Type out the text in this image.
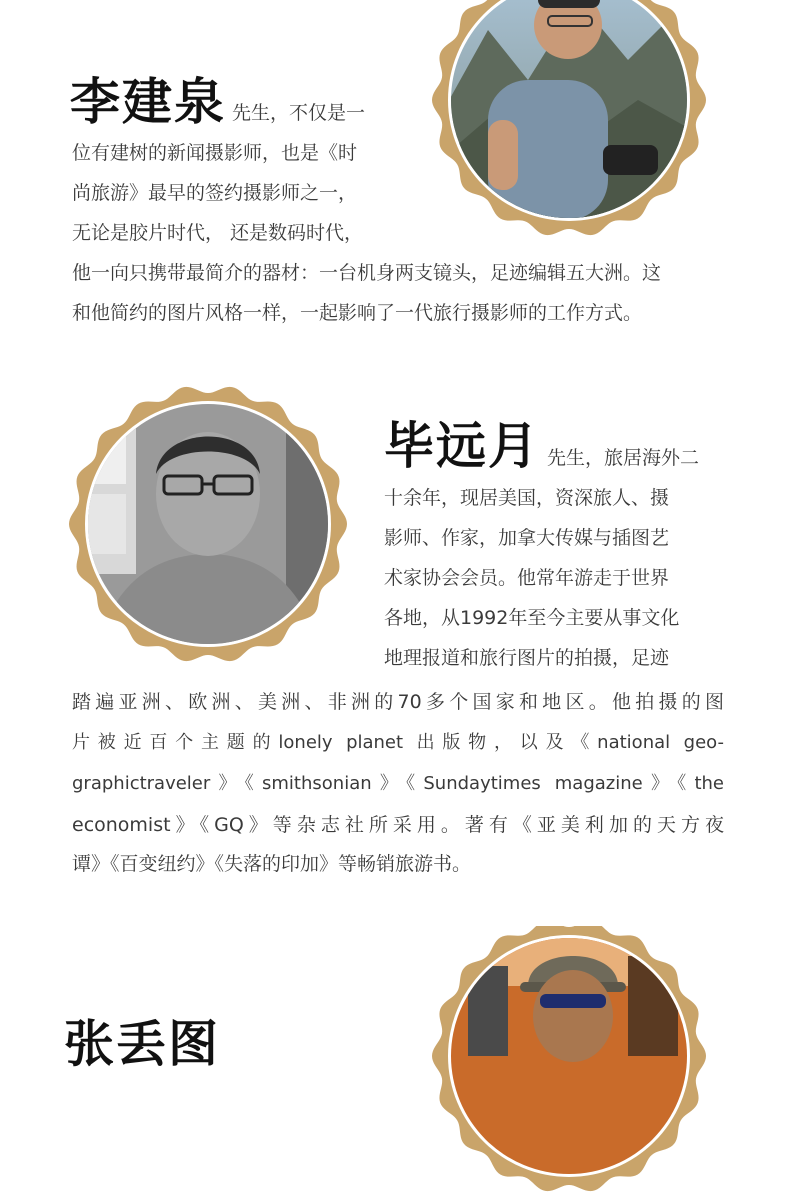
李建泉 先生，不仅是一
位有建树的新闻摄影师，也是《时
尚旅游》最早的签约摄影师之一，
无论是胶片时代， 还是数码时代，
他一向只携带最简介的器材：一台机身两支镜头，足迹编辑五大洲。这
和他简约的图片风格一样，一起影响了一代旅行摄影师的工作方式。
毕远月 先生，旅居海外二
十余年，现居美国，资深旅人、摄
影师、作家，加拿大传媒与插图艺
术家协会会员。他常年游走于世界
各地，从1992年至今主要从事文化
地理报道和旅行图片的拍摄，足迹
踏遍亚洲、欧洲、美洲、非洲的70多个国家和地区。他拍摄的图
片被近百个主题的lonely planet 出版物，以及《national geo-
graphictraveler》《smithsonian》《Sundaytimes magazine》《the
economist》《GQ》等杂志社所采用。著有《亚美利加的天方夜
谭》《百变纽约》《失落的印加》等畅销旅游书。
张丢图
